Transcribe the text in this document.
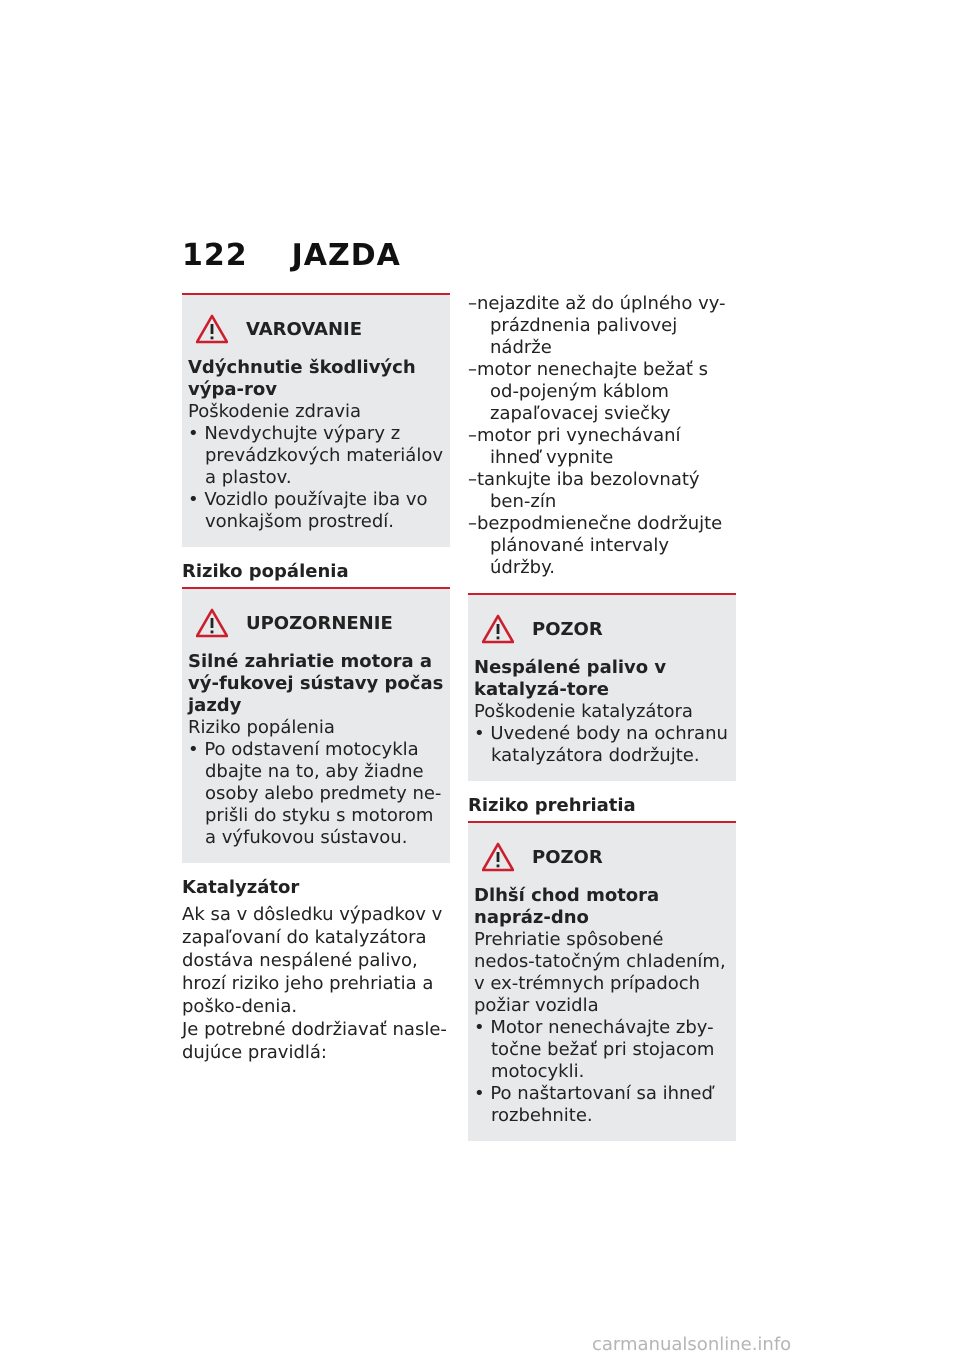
122 JAZDA
VAROVANIE
Vdýchnutie škodlivých výpa-rov
Poškodenie zdravia
• Nevdychujte výpary z prevádzkových materiálov a plastov.
• Vozidlo používajte iba vo vonkajšom prostredí.
Riziko popálenia
UPOZORNENIE
Silné zahriatie motora a vý-fukovej sústavy počas jazdy
Riziko popálenia
• Po odstavení motocykla dbajte na to, aby žiadne osoby alebo predmety ne-prišli do styku s motorom a výfukovou sústavou.
Katalyzátor

Ak sa v dôsledku výpadkov v zapaľovaní do katalyzátora dostáva nespálené palivo, hrozí riziko jeho prehriatia a poško-denia.

Je potrebné dodržiavať nasle-dujúce pravidlá:

–nejazdite až do úplného vy-prázdnenia palivovej nádrže
–motor nenechajte bežať s od-pojeným káblom zapaľovacej sviečky
–motor pri vynechávaní ihneď vypnite
–tankujte iba bezolovnatý ben-zín
–bezpodmienečne dodržujte plánované intervaly údržby.
POZOR
Nespálené palivo v katalyzá-tore
Poškodenie katalyzátora
• Uvedené body na ochranu katalyzátora dodržujte.
Riziko prehriatia
POZOR
Dlhší chod motora napráz-dno
Prehriatie spôsobené nedos-tatočným chladením, v ex-trémnych prípadoch požiar vozidla
• Motor nenechávajte zby-točne bežať pri stojacom motocykli.
• Po naštartovaní sa ihneď rozbehnite.
carmanualsonline.info
